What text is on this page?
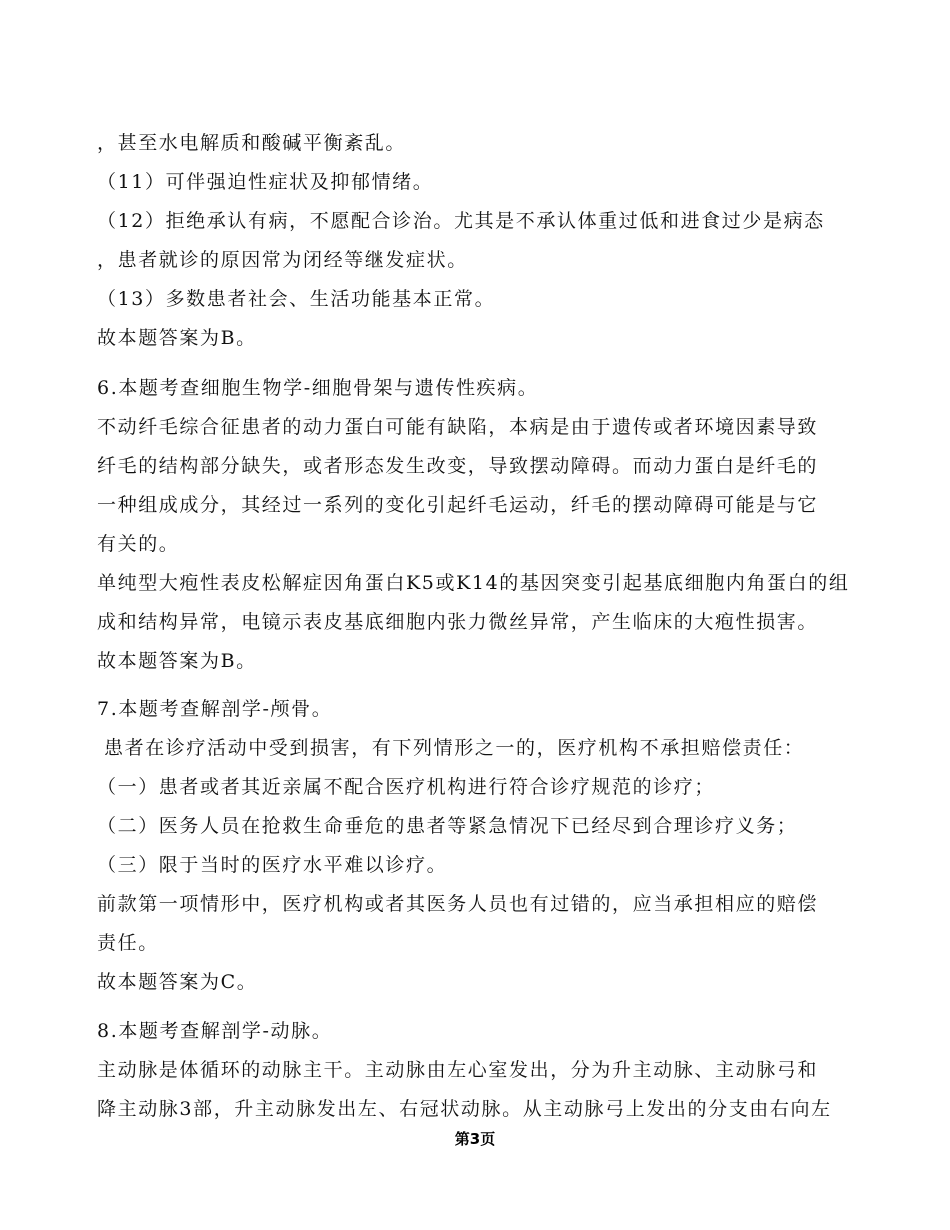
，甚至水电解质和酸碱平衡紊乱。
（11）可伴强迫性症状及抑郁情绪。
（12）拒绝承认有病，不愿配合诊治。尤其是不承认体重过低和进食过少是病态
，患者就诊的原因常为闭经等继发症状。
（13）多数患者社会、生活功能基本正常。
故本题答案为B。
6.本题考查细胞生物学-细胞骨架与遗传性疾病。
不动纤毛综合征患者的动力蛋白可能有缺陷，本病是由于遗传或者环境因素导致
纤毛的结构部分缺失，或者形态发生改变，导致摆动障碍。而动力蛋白是纤毛的
一种组成成分，其经过一系列的变化引起纤毛运动，纤毛的摆动障碍可能是与它
有关的。
单纯型大疱性表皮松解症因角蛋白K5或K14的基因突变引起基底细胞内角蛋白的组
成和结构异常，电镜示表皮基底细胞内张力微丝异常，产生临床的大疱性损害。
故本题答案为B。
7.本题考查解剖学-颅骨。
患者在诊疗活动中受到损害，有下列情形之一的，医疗机构不承担赔偿责任：
（一）患者或者其近亲属不配合医疗机构进行符合诊疗规范的诊疗；
（二）医务人员在抢救生命垂危的患者等紧急情况下已经尽到合理诊疗义务；
（三）限于当时的医疗水平难以诊疗。
前款第一项情形中，医疗机构或者其医务人员也有过错的，应当承担相应的赔偿
责任。
故本题答案为C。
8.本题考查解剖学-动脉。
主动脉是体循环的动脉主干。主动脉由左心室发出，分为升主动脉、主动脉弓和
降主动脉3部，升主动脉发出左、右冠状动脉。从主动脉弓上发出的分支由右向左
第3页
